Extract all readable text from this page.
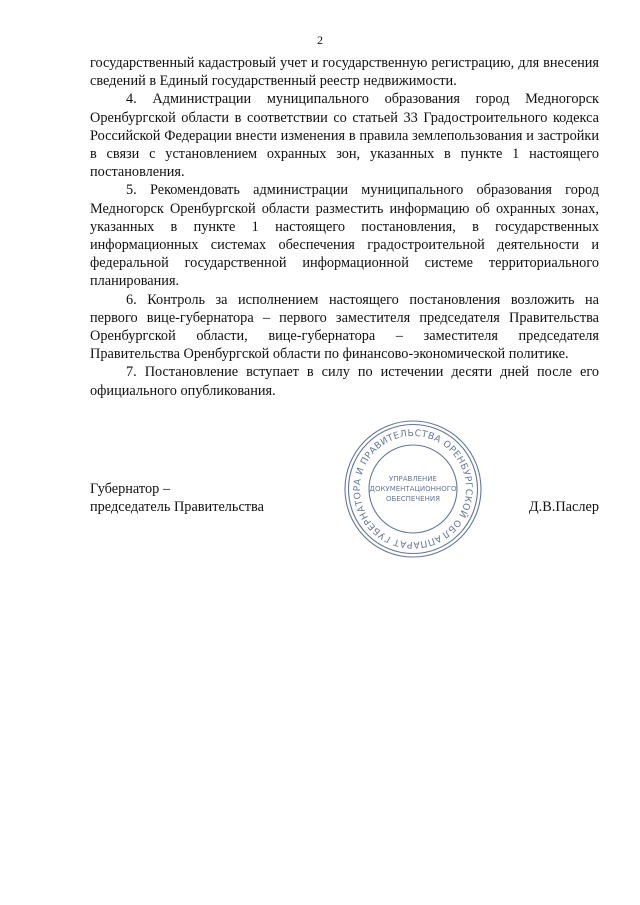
2

государственный кадастровый учет и государственную регистрацию, для внесения сведений в Единый государственный реестр недвижимости.

4. Администрации муниципального образования город Медногорск Оренбургской области в соответствии со статьей 33 Градостроительного кодекса Российской Федерации внести изменения в правила землепользования и застройки в связи с установлением охранных зон, указанных в пункте 1 настоящего постановления.

5. Рекомендовать администрации муниципального образования город Медногорск Оренбургской области разместить информацию об охранных зонах, указанных в пункте 1 настоящего постановления, в государственных информационных системах обеспечения градостроительной деятельности и федеральной государственной информационной системе территориального планирования.

6. Контроль за исполнением настоящего постановления возложить на первого вице-губернатора – первого заместителя председателя Правительства Оренбургской области, вице-губернатора – заместителя председателя Правительства Оренбургской области по финансово-экономической политике.

7. Постановление вступает в силу по истечении десяти дней после его официального опубликования.

Губернатор –
председатель Правительства	Д.В.Паслер
АППАРАТ ГУБЕРНАТОРА И ПРАВИТЕЛЬСТВА ОРЕНБУРГСКОЙ ОБЛАСТИ
УПРАВЛЕНИЕ
ДОКУМЕНТАЦИОННОГО
ОБЕСПЕЧЕНИЯ
